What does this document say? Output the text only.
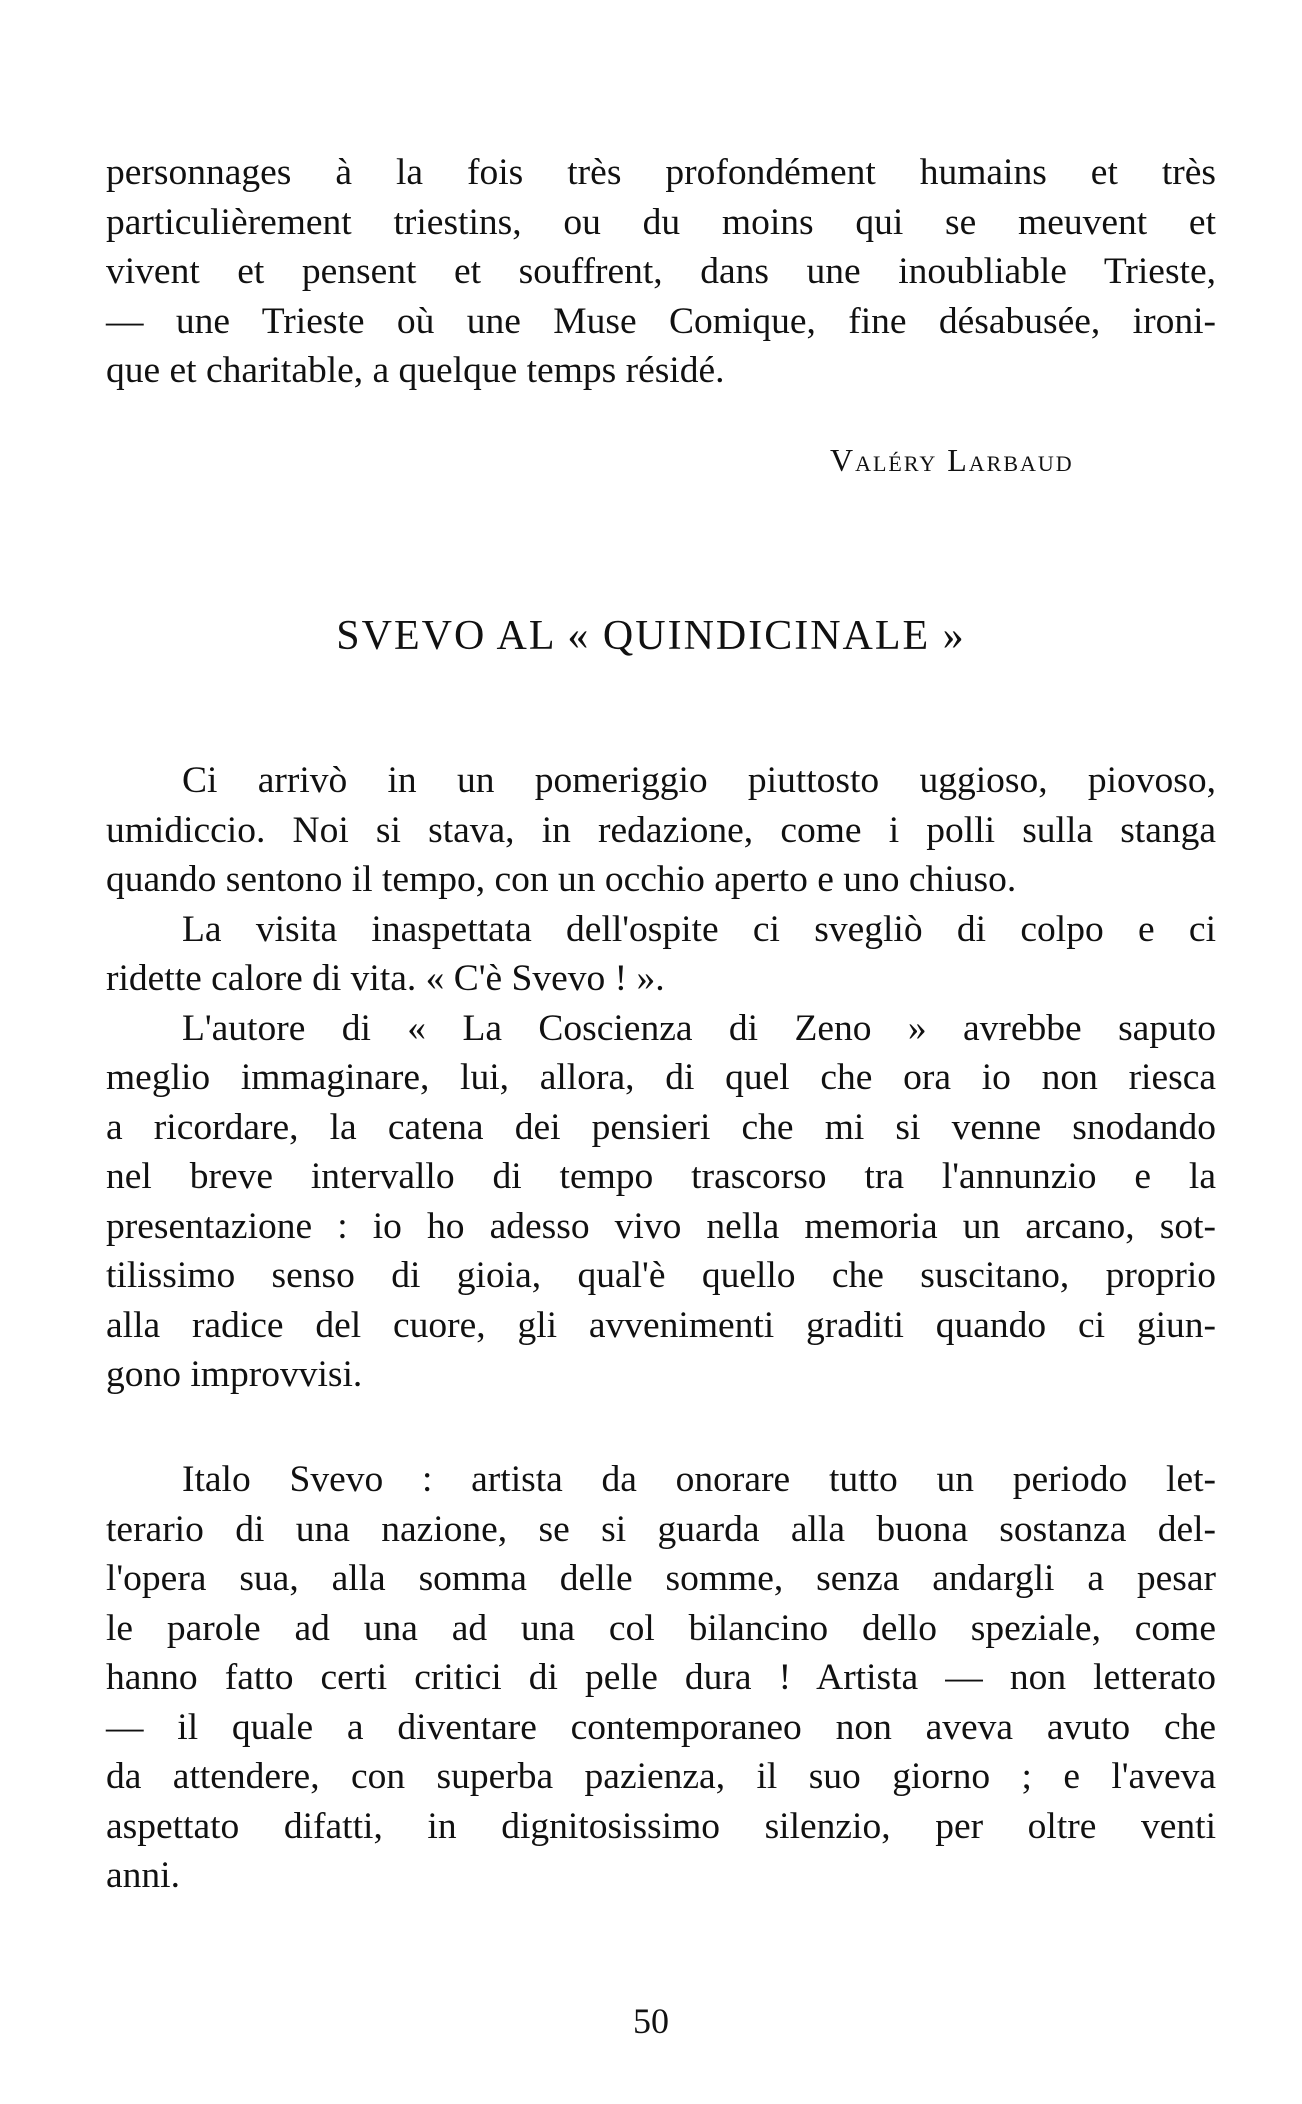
personnages à la fois très profondément humains et très
particulièrement triestins, ou du moins qui se meuvent et
vivent et pensent et souffrent, dans une inoubliable Trieste,
— une Trieste où une Muse Comique, fine désabusée, ironi-
que et charitable, a quelque temps résidé.
Valéry Larbaud
SVEVO AL « QUINDICINALE »
Ci arrivò in un pomeriggio piuttosto uggioso, piovoso,
umidiccio. Noi si stava, in redazione, come i polli sulla stanga
quando sentono il tempo, con un occhio aperto e uno chiuso.
La visita inaspettata dell'ospite ci svegliò di colpo e ci
ridette calore di vita. « C'è Svevo ! ».
L'autore di « La Coscienza di Zeno » avrebbe saputo
meglio immaginare, lui, allora, di quel che ora io non riesca
a ricordare, la catena dei pensieri che mi si venne snodando
nel breve intervallo di tempo trascorso tra l'annunzio e la
presentazione : io ho adesso vivo nella memoria un arcano, sot-
tilissimo senso di gioia, qual'è quello che suscitano, proprio
alla radice del cuore, gli avvenimenti graditi quando ci giun-
gono improvvisi.
Italo Svevo : artista da onorare tutto un periodo let-
terario di una nazione, se si guarda alla buona sostanza del-
l'opera sua, alla somma delle somme, senza andargli a pesar
le parole ad una ad una col bilancino dello speziale, come
hanno fatto certi critici di pelle dura ! Artista — non letterato
— il quale a diventare contemporaneo non aveva avuto che
da attendere, con superba pazienza, il suo giorno ; e l'aveva
aspettato difatti, in dignitosissimo silenzio, per oltre venti
anni.
50
